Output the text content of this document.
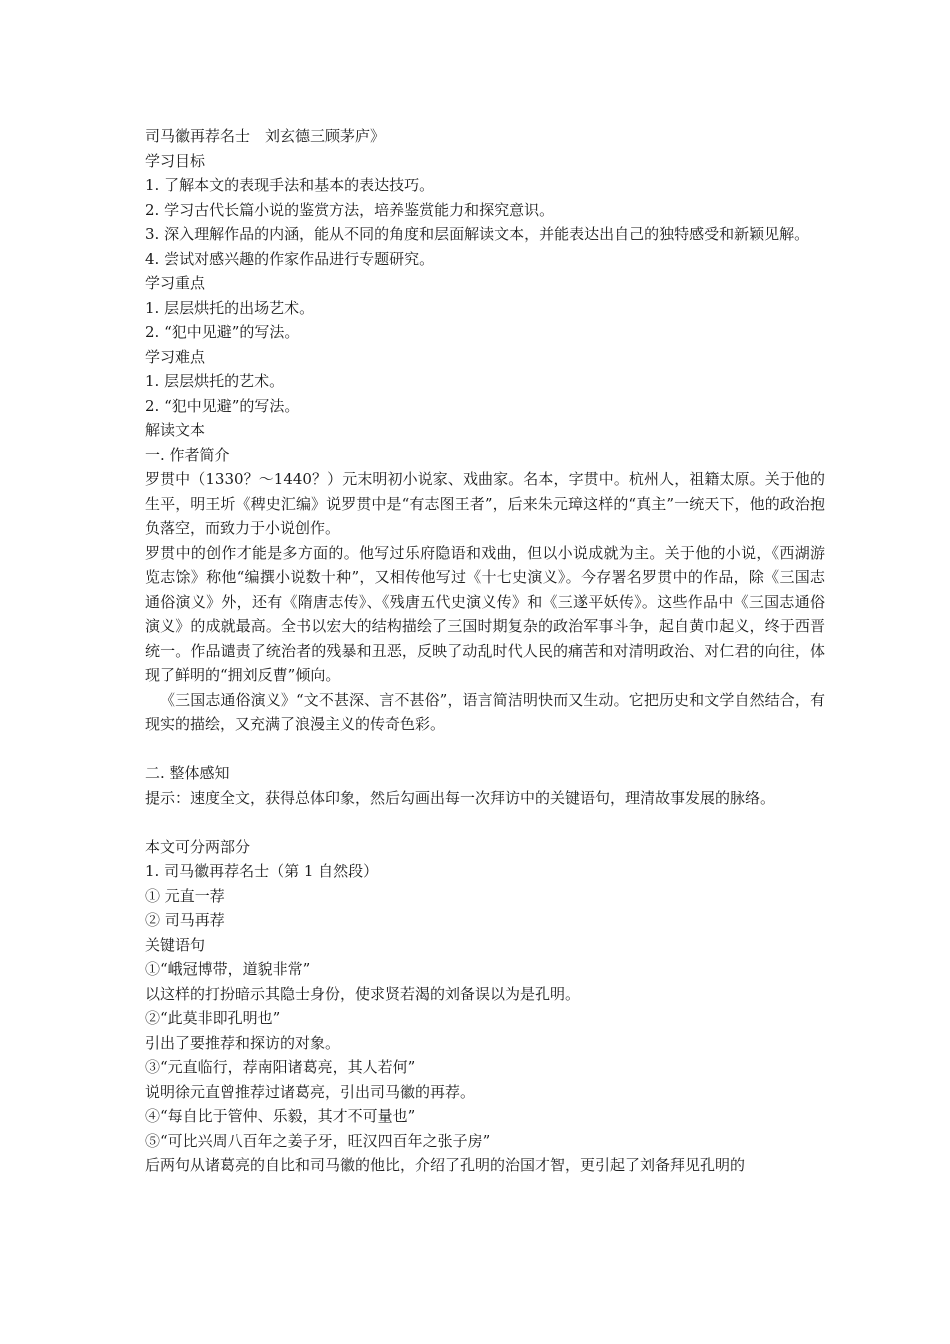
司马徽再荐名士　刘玄德三顾茅庐》

学习目标

1. 了解本文的表现手法和基本的表达技巧。

2. 学习古代长篇小说的鉴赏方法，培养鉴赏能力和探究意识。

3. 深入理解作品的内涵，能从不同的角度和层面解读文本，并能表达出自己的独特感受和新颖见解。

4. 尝试对感兴趣的作家作品进行专题研究。

学习重点

1. 层层烘托的出场艺术。

2. “犯中见避”的写法。

学习难点

1. 层层烘托的艺术。

2. “犯中见避”的写法。

解读文本

一. 作者简介

罗贯中（1330？～1440？）元末明初小说家、戏曲家。名本，字贯中。杭州人，祖籍太原。关于他的生平，明王圻《稗史汇编》说罗贯中是“有志图王者”，后来朱元璋这样的“真主”一统天下，他的政治抱负落空，而致力于小说创作。

罗贯中的创作才能是多方面的。他写过乐府隐语和戏曲，但以小说成就为主。关于他的小说，《西湖游览志馀》称他“编撰小说数十种”，又相传他写过《十七史演义》。今存署名罗贯中的作品，除《三国志通俗演义》外，还有《隋唐志传》、《残唐五代史演义传》和《三遂平妖传》。这些作品中《三国志通俗演义》的成就最高。全书以宏大的结构描绘了三国时期复杂的政治军事斗争，起自黄巾起义，终于西晋统一。作品谴责了统治者的残暴和丑恶，反映了动乱时代人民的痛苦和对清明政治、对仁君的向往，体现了鲜明的“拥刘反曹”倾向。

《三国志通俗演义》“文不甚深、言不甚俗”，语言简洁明快而又生动。它把历史和文学自然结合，有现实的描绘，又充满了浪漫主义的传奇色彩。

二. 整体感知

提示：速度全文，获得总体印象，然后勾画出每一次拜访中的关键语句，理清故事发展的脉络。

本文可分两部分

1. 司马徽再荐名士（第 1 自然段）

① 元直一荐

② 司马再荐

关键语句

①“峨冠博带，道貌非常”

以这样的打扮暗示其隐士身份，使求贤若渴的刘备误以为是孔明。

②“此莫非即孔明也”

引出了要推荐和探访的对象。

③“元直临行，荐南阳诸葛亮，其人若何”

说明徐元直曾推荐过诸葛亮，引出司马徽的再荐。

④“每自比于管仲、乐毅，其才不可量也”

⑤“可比兴周八百年之姜子牙，旺汉四百年之张子房”

后两句从诸葛亮的自比和司马徽的他比，介绍了孔明的治国才智，更引起了刘备拜见孔明的
